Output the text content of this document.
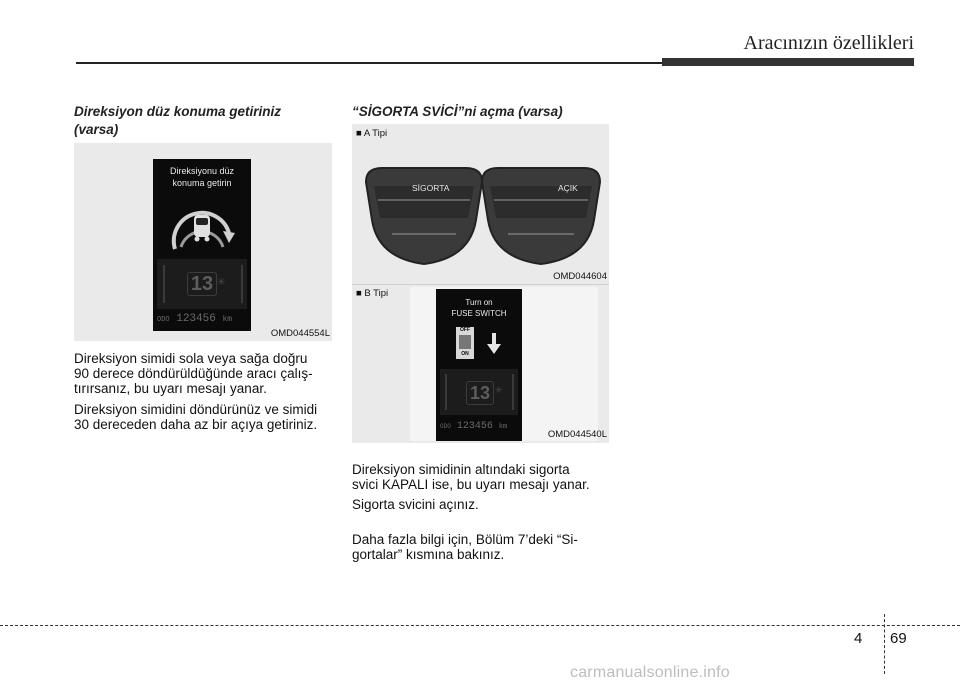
Aracınızın özellikleri
Direksiyon düz konuma getiriniz
(varsa)
Direksiyonu düz
konuma getirin
13 ✳
ODO 123456 km
OMD044554L
Direksiyon simidi sola veya sağa doğru
90 derece döndürüldüğünde aracı çalış-
tırırsanız, bu uyarı mesajı yanar.
Direksiyon simidini döndürünüz ve simidi
30 dereceden daha az bir açıya getiriniz.
“SİGORTA SVİCİ”ni açma (varsa)
■ A Tipi
SİGORTA	AÇIK
OMD044604
■ B Tipi
Turn on
FUSE SWITCH
OFF
ON
13 ✳
ODO 123456 km
OMD044540L
Direksiyon simidinin altındaki sigorta
svici KAPALI ise, bu uyarı mesajı yanar.
Sigorta svicini açınız.
Daha fazla bilgi için, Bölüm 7’deki “Si-
gortalar” kısmına bakınız.
4 69
carmanualsonline.info
